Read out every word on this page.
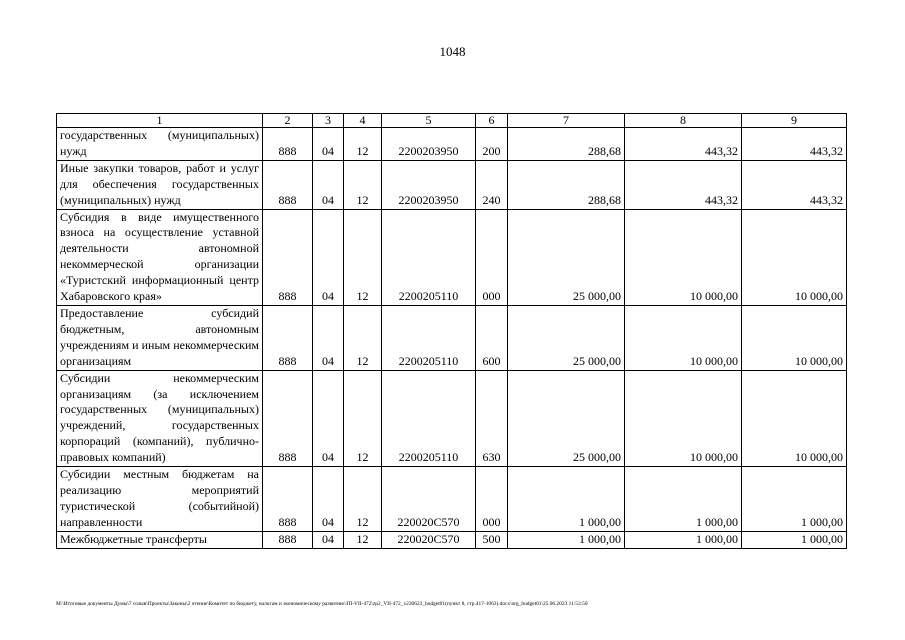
1048
1	2	3	4	5	6	7	8	9
государственных (муниципальных) нужд	888	04	12	2200203950	200	288,68	443,32	443,32
Иные закупки товаров, работ и услуг для обеспечения государственных (муниципальных) нужд	888	04	12	2200203950	240	288,68	443,32	443,32
Субсидия в виде имущественного взноса на осуществление уставной деятельности автономной некоммерческой организации «Туристский информационный центр Хабаровского края»	888	04	12	2200205110	000	25 000,00	10 000,00	10 000,00
Предоставление субсидий бюджетным, автономным учреждениям и иным некоммерческим организациям	888	04	12	2200205110	600	25 000,00	10 000,00	10 000,00
Субсидии некоммерческим организациям (за исключением государственных (муниципальных) учреждений, государственных корпораций (компаний), публично-правовых компаний)	888	04	12	2200205110	630	25 000,00	10 000,00	10 000,00
Субсидии местным бюджетам на реализацию мероприятий туристической (событийной) направленности	888	04	12	220020С570	000	1 000,00	1 000,00	1 000,00
Межбюджетные трансферты	888	04	12	220020С570	500	1 000,00	1 000,00	1 000,00
M:\Итоговые документы Думы\7 созыв\Проекты\Законы\2 чтение\Комитет по бюджету, налогам и экономическому развитию\ЗП-VII-472\zp2_VII-472_v230623_budget01(пункт 8, стр.417-1063).docx\org_budget01\25.06.2023 11:53:50
